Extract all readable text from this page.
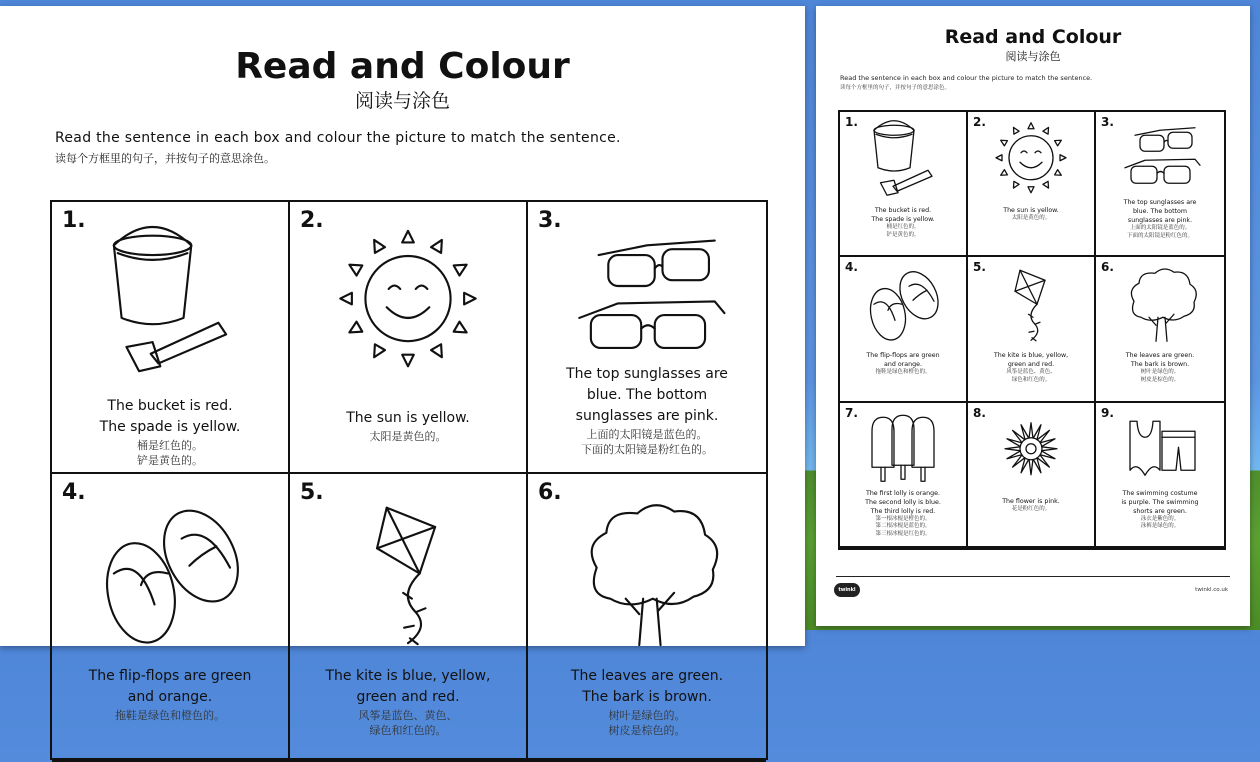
Read and Colour
阅读与涂色
Read the sentence in each box and colour the picture to match the sentence.
读每个方框里的句子，并按句子的意思涂色。
1.
The bucket is red.
The spade is yellow.
桶是红色的。
铲是黄色的。
2.
The sun is yellow.
太阳是黄色的。
3.
The top sunglasses are
blue. The bottom
sunglasses are pink.
上面的太阳镜是蓝色的。
下面的太阳镜是粉红色的。
4.
The flip-flops are green
and orange.
拖鞋是绿色和橙色的。
5.
The kite is blue, yellow,
green and red.
风筝是蓝色、黄色、
绿色和红色的。
6.
The leaves are green.
The bark is brown.
树叶是绿色的。
树皮是棕色的。
Read and Colour
阅读与涂色
Read the sentence in each box and colour the picture to match the sentence.
读每个方框里的句子，并按句子的意思涂色。
1.
The bucket is red.
The spade is yellow.
桶是红色的。
铲是黄色的。
2.
The sun is yellow.
太阳是黄色的。
3.
The top sunglasses are
blue. The bottom
sunglasses are pink.
上面的太阳镜是蓝色的。
下面的太阳镜是粉红色的。
4.
The flip-flops are green
and orange.
拖鞋是绿色和橙色的。
5.
The kite is blue, yellow,
green and red.
风筝是蓝色、黄色、
绿色和红色的。
6.
The leaves are green.
The bark is brown.
树叶是绿色的。
树皮是棕色的。
7.
The first lolly is orange.
The second lolly is blue.
The third lolly is red.
第一根冰棍是橙色的。
第二根冰棍是蓝色的。
第三根冰棍是红色的。
8.
The flower is pink.
花是粉红色的。
9.
The swimming costume
is purple. The swimming
shorts are green.
泳衣是紫色的。
泳裤是绿色的。
twinkl	twinkl.co.uk
